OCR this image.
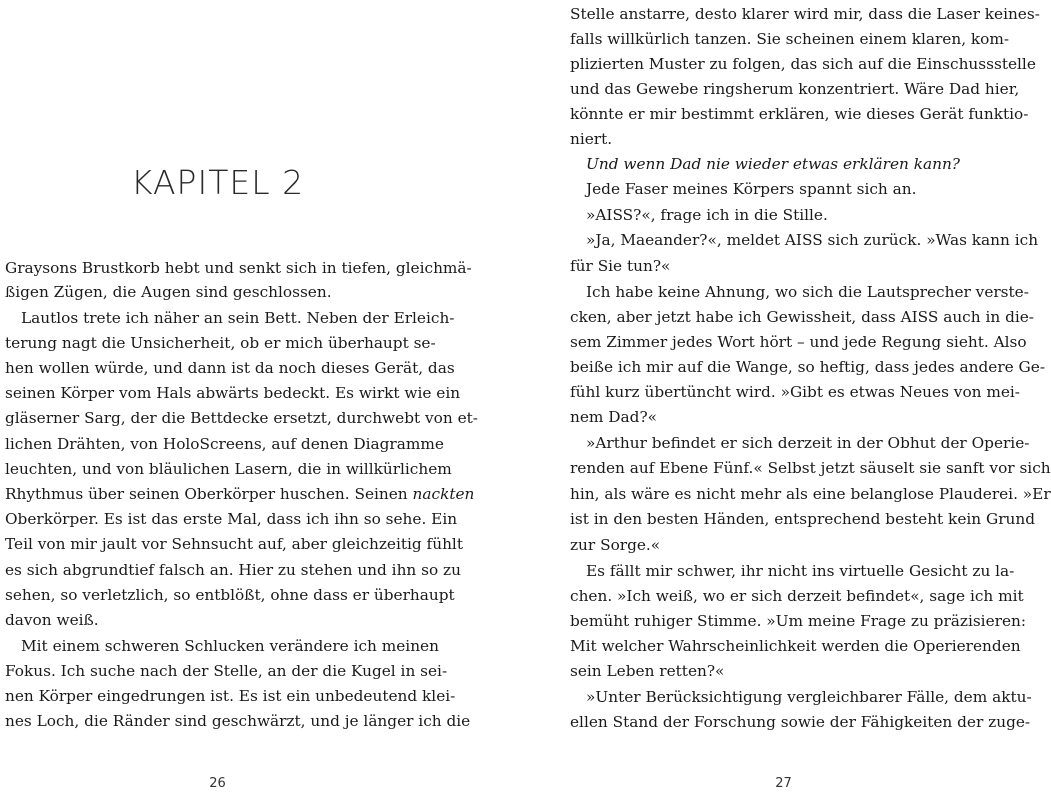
KAPITEL 2
Graysons Brustkorb hebt und senkt sich in tiefen, gleichmä-
ßigen Zügen, die Augen sind geschlossen.
Lautlos trete ich näher an sein Bett. Neben der Erleich-
terung nagt die Unsicherheit, ob er mich überhaupt se-
hen wollen würde, und dann ist da noch dieses Gerät, das
seinen Körper vom Hals abwärts bedeckt. Es wirkt wie ein
gläserner Sarg, der die Bettdecke ersetzt, durchwebt von et-
lichen Drähten, von HoloScreens, auf denen Diagramme
leuchten, und von bläulichen Lasern, die in willkürlichem
Rhythmus über seinen Oberkörper huschen. Seinen nackten
Oberkörper. Es ist das erste Mal, dass ich ihn so sehe. Ein
Teil von mir jault vor Sehnsucht auf, aber gleichzeitig fühlt
es sich abgrundtief falsch an. Hier zu stehen und ihn so zu
sehen, so verletzlich, so entblößt, ohne dass er überhaupt
davon weiß.
Mit einem schweren Schlucken verändere ich meinen
Fokus. Ich suche nach der Stelle, an der die Kugel in sei-
nen Körper eingedrungen ist. Es ist ein unbedeutend klei-
nes Loch, die Ränder sind geschwärzt, und je länger ich die
26
Stelle anstarre, desto klarer wird mir, dass die Laser keines-
falls willkürlich tanzen. Sie scheinen einem klaren, kom-
plizierten Muster zu folgen, das sich auf die Einschussstelle
und das Gewebe ringsherum konzentriert. Wäre Dad hier,
könnte er mir bestimmt erklären, wie dieses Gerät funktio-
niert.
Und wenn Dad nie wieder etwas erklären kann?
Jede Faser meines Körpers spannt sich an.
»AISS?«, frage ich in die Stille.
»Ja, Maeander?«, meldet AISS sich zurück. »Was kann ich
für Sie tun?«
Ich habe keine Ahnung, wo sich die Lautsprecher verste-
cken, aber jetzt habe ich Gewissheit, dass AISS auch in die-
sem Zimmer jedes Wort hört – und jede Regung sieht. Also
beiße ich mir auf die Wange, so heftig, dass jedes andere Ge-
fühl kurz übertüncht wird. »Gibt es etwas Neues von mei-
nem Dad?«
»Arthur befindet er sich derzeit in der Obhut der Operie-
renden auf Ebene Fünf.« Selbst jetzt säuselt sie sanft vor sich
hin, als wäre es nicht mehr als eine belanglose Plauderei. »Er
ist in den besten Händen, entsprechend besteht kein Grund
zur Sorge.«
Es fällt mir schwer, ihr nicht ins virtuelle Gesicht zu la-
chen. »Ich weiß, wo er sich derzeit befindet«, sage ich mit
bemüht ruhiger Stimme. »Um meine Frage zu präzisieren:
Mit welcher Wahrscheinlichkeit werden die Operierenden
sein Leben retten?«
»Unter Berücksichtigung vergleichbarer Fälle, dem aktu-
ellen Stand der Forschung sowie der Fähigkeiten der zuge-
27
